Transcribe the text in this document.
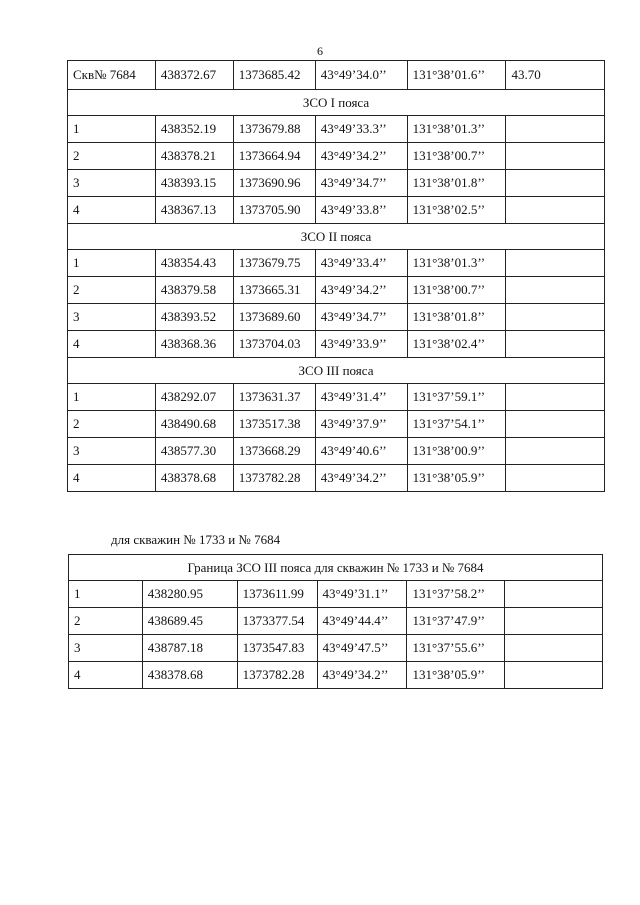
6
Скв№ 7684	438372.67	1373685.42	43°49’34.0’’	131°38’01.6’’	43.70
ЗСО I пояса					
1	438352.19	1373679.88	43°49’33.3’’	131°38’01.3’’	
2	438378.21	1373664.94	43°49’34.2’’	131°38’00.7’’	
3	438393.15	1373690.96	43°49’34.7’’	131°38’01.8’’	
4	438367.13	1373705.90	43°49’33.8’’	131°38’02.5’’	
ЗСО II пояса					
1	438354.43	1373679.75	43°49’33.4’’	131°38’01.3’’	
2	438379.58	1373665.31	43°49’34.2’’	131°38’00.7’’	
3	438393.52	1373689.60	43°49’34.7’’	131°38’01.8’’	
4	438368.36	1373704.03	43°49’33.9’’	131°38’02.4’’	
ЗСО III пояса					
1	438292.07	1373631.37	43°49’31.4’’	131°37’59.1’’	
2	438490.68	1373517.38	43°49’37.9’’	131°37’54.1’’	
3	438577.30	1373668.29	43°49’40.6’’	131°38’00.9’’	
4	438378.68	1373782.28	43°49’34.2’’	131°38’05.9’’	
для скважин № 1733 и № 7684
Граница ЗСО III пояса для скважин № 1733 и № 7684					
1	438280.95	1373611.99	43°49’31.1’’	131°37’58.2’’	
2	438689.45	1373377.54	43°49’44.4’’	131°37’47.9’’	
3	438787.18	1373547.83	43°49’47.5’’	131°37’55.6’’	
4	438378.68	1373782.28	43°49’34.2’’	131°38’05.9’’	
